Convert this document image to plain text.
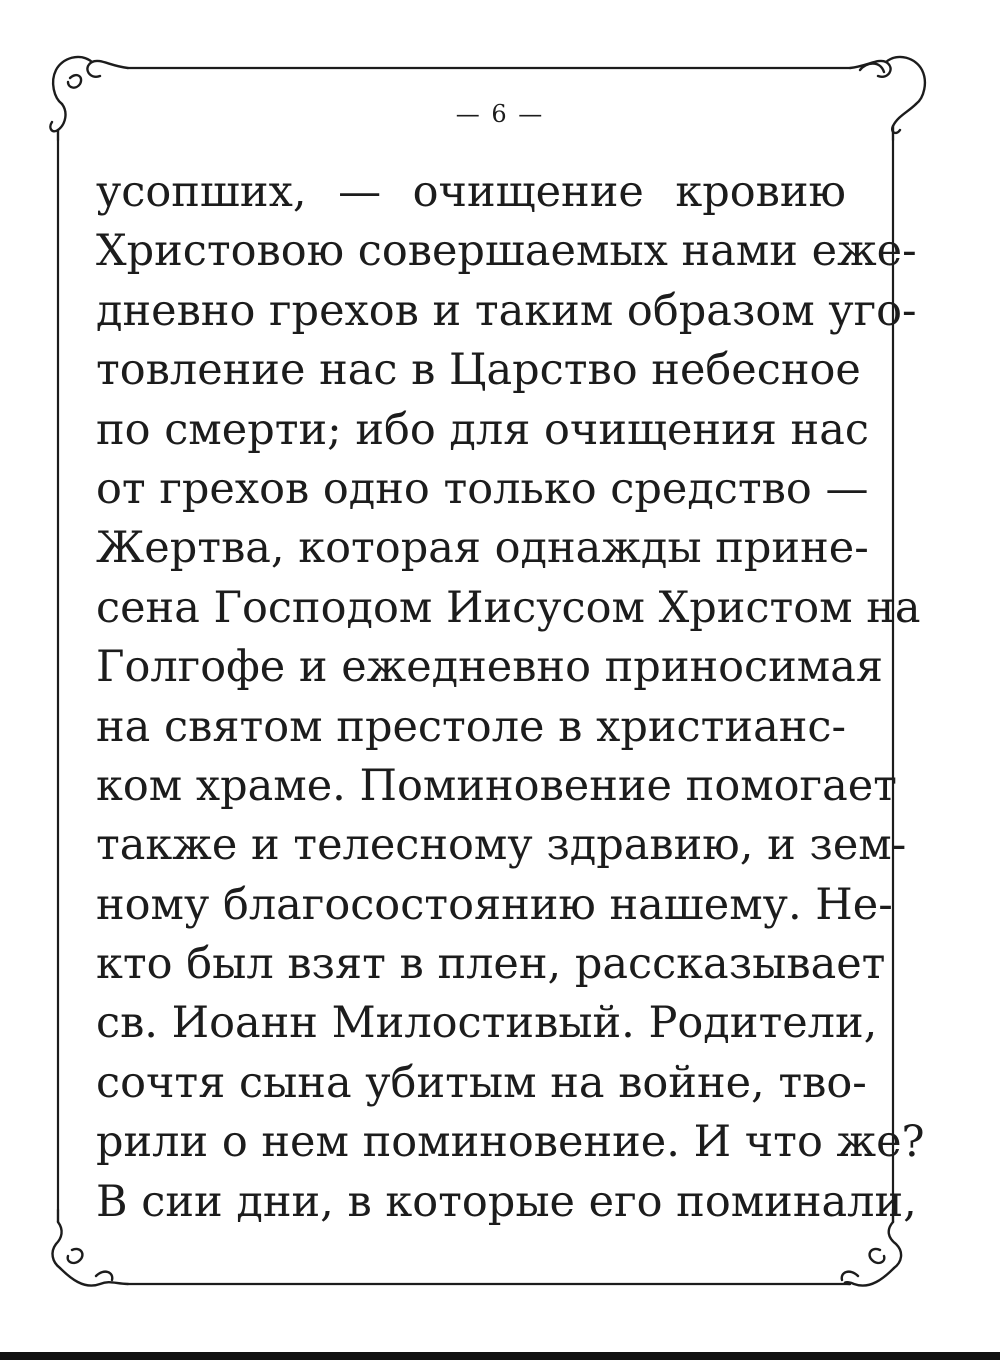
— 6 —
усопших, — очищение кровию
Христовою совершаемых нами еже-
дневно грехов и таким образом уго-
товление нас в Царство небесное
по смерти; ибо для очищения нас
от грехов одно только средство —
Жертва, которая однажды прине-
сена Господом Иисусом Христом на
Голгофе и ежедневно приносимая
на святом престоле в христианс-
ком храме. Поминовение помогает
также и телесному здравию, и зем-
ному благосостоянию нашему. Не-
кто был взят в плен, рассказывает
св. Иоанн Милостивый. Родители,
сочтя сына убитым на войне, тво-
рили о нем поминовение. И что же?
В сии дни, в которые его поминали,
